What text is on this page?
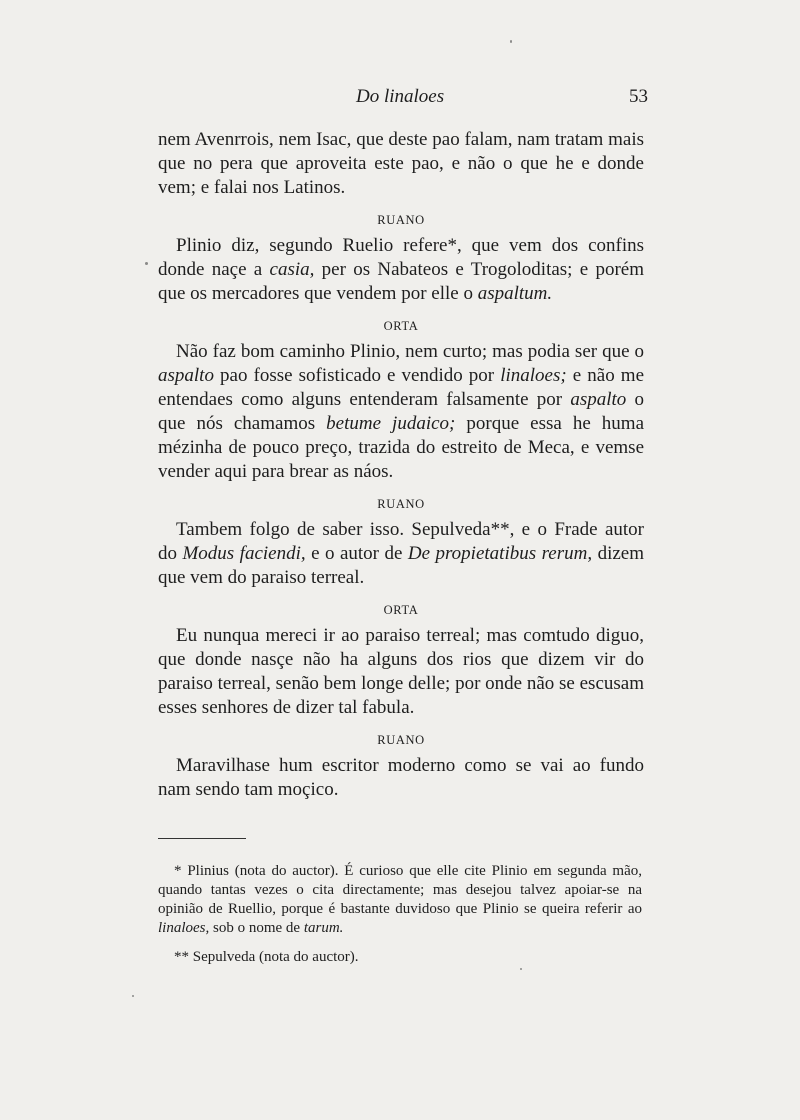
Do linaloes	53

nem Avenrrois, nem Isac, que deste pao falam, nam tratam mais que no pera que aproveita este pao, e não o que he e donde vem; e falai nos Latinos.

RUANO

Plinio diz, segundo Ruelio refere*, que vem dos confins donde naçe a casia, per os Nabateos e Trogoloditas; e porém que os mercadores que vendem por elle o aspaltum.

ORTA

Não faz bom caminho Plinio, nem curto; mas podia ser que o aspalto pao fosse sofisticado e vendido por linaloes; e não me entendaes como alguns entenderam falsamente por aspalto o que nós chamamos betume judaico; porque essa he huma mézinha de pouco preço, trazida do estreito de Meca, e vemse vender aqui para brear as náos.

RUANO

Tambem folgo de saber isso. Sepulveda**, e o Frade autor do Modus faciendi, e o autor de De propietatibus rerum, dizem que vem do paraiso terreal.

ORTA

Eu nunqua mereci ir ao paraiso terreal; mas comtudo diguo, que donde nasçe não ha alguns dos rios que dizem vir do paraiso terreal, senão bem longe delle; por onde não se escusam esses senhores de dizer tal fabula.

RUANO

Maravilhase hum escritor moderno como se vai ao fundo nam sendo tam moçico.

* Plinius (nota do auctor). É curioso que elle cite Plinio em segunda mão, quando tantas vezes o cita directamente; mas desejou talvez apoiar-se na opinião de Ruellio, porque é bastante duvidoso que Plinio se queira referir ao linaloes, sob o nome de tarum.

** Sepulveda (nota do auctor).
